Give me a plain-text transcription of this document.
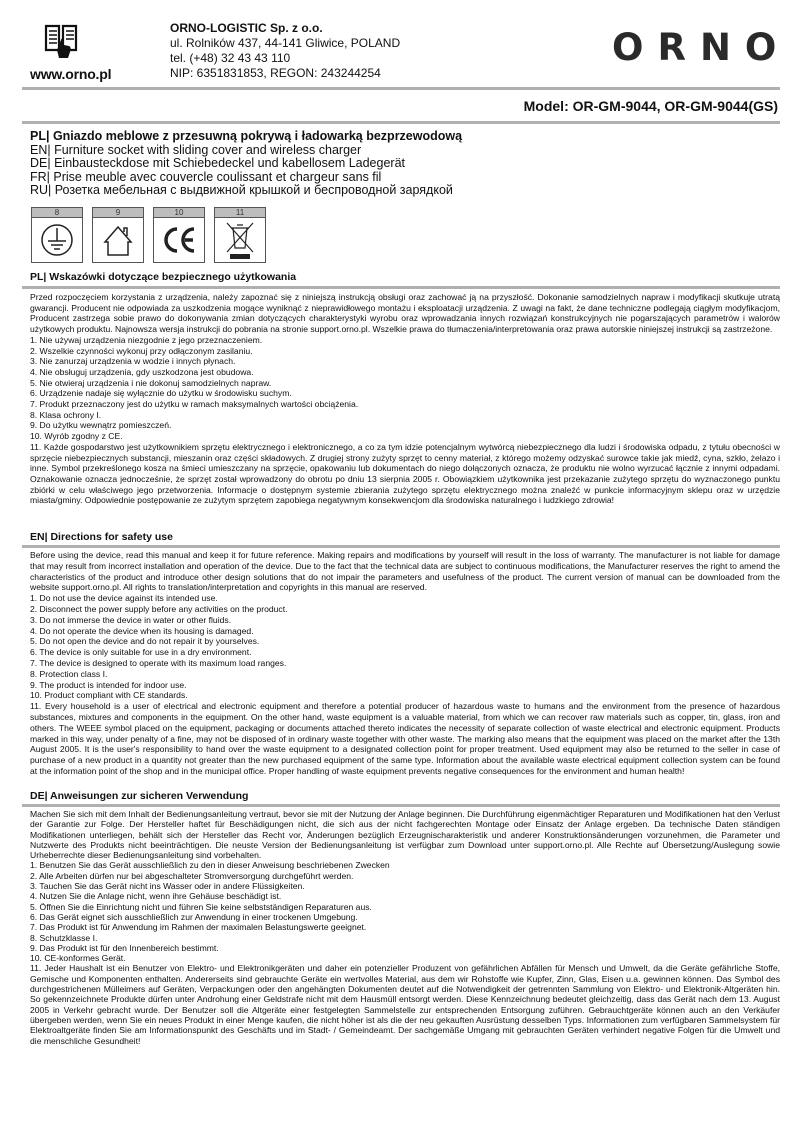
www.orno.pl
ORNO-LOGISTIC Sp. z o.o.
ul. Rolników 437, 44-141 Gliwice, POLAND
tel. (+48) 32 43 43 110
NIP: 6351831853, REGON: 243244254
ORNO
Model: OR-GM-9044, OR-GM-9044(GS)
PL| Gniazdo meblowe z przesuwną pokrywą i ładowarką bezprzewodową
EN| Furniture socket with sliding cover and wireless charger
DE| Einbausteckdose mit Schiebedeckel und kabellosem Ladegerät
FR| Prise meuble avec couvercle coulissant et chargeur sans fil
RU| Розетка мебельная с выдвижной крышкой и беспроводной зарядкой
8	9	10	11
PL| Wskazówki dotyczące bezpiecznego użytkowania

Przed rozpoczęciem korzystania z urządzenia, należy zapoznać się z niniejszą instrukcją obsługi oraz zachować ją na przyszłość. Dokonanie samodzielnych napraw i modyfikacji skutkuje utratą gwarancji. Producent nie odpowiada za uszkodzenia mogące wyniknąć z nieprawidłowego montażu i eksploatacji urządzenia. Z uwagi na fakt, że dane techniczne podlegają ciągłym modyfikacjom, Producent zastrzega sobie prawo do dokonywania zmian dotyczących charakterystyki wyrobu oraz wprowadzania innych rozwiązań konstrukcyjnych nie pogarszających parametrów i walorów użytkowych produktu. Najnowsza wersja instrukcji do pobrania na stronie support.orno.pl. Wszelkie prawa do tłumaczenia/interpretowania oraz prawa autorskie niniejszej instrukcji są zastrzeżone.

1. Nie używaj urządzenia niezgodnie z jego przeznaczeniem.

2. Wszelkie czynności wykonuj przy odłączonym zasilaniu.

3. Nie zanurzaj urządzenia w wodzie i innych płynach.

4. Nie obsługuj urządzenia, gdy uszkodzona jest obudowa.

5. Nie otwieraj urządzenia i nie dokonuj samodzielnych napraw.

6. Urządzenie nadaje się wyłącznie do użytku w środowisku suchym.

7. Produkt przeznaczony jest do użytku w ramach maksymalnych wartości obciążenia.

8. Klasa ochrony I.

9. Do użytku wewnątrz pomieszczeń.

10. Wyrób zgodny z CE.

11. Każde gospodarstwo jest użytkownikiem sprzętu elektrycznego i elektronicznego, a co za tym idzie potencjalnym wytwórcą niebezpiecznego dla ludzi i środowiska odpadu, z tytułu obecności w sprzęcie niebezpiecznych substancji, mieszanin oraz części składowych. Z drugiej strony zużyty sprzęt to cenny materiał, z którego możemy odzyskać surowce takie jak miedź, cyna, szkło, żelazo i inne. Symbol przekreślonego kosza na śmieci umieszczany na sprzęcie, opakowaniu lub dokumentach do niego dołączonych oznacza, że produktu nie wolno wyrzucać łącznie z innymi odpadami. Oznakowanie oznacza jednocześnie, że sprzęt został wprowadzony do obrotu po dniu 13 sierpnia 2005 r. Obowiązkiem użytkownika jest przekazanie zużytego sprzętu do wyznaczonego punktu zbiórki w celu właściwego jego przetworzenia. Informacje o dostępnym systemie zbierania zużytego sprzętu elektrycznego można znaleźć w punkcie informacyjnym sklepu oraz w urzędzie miasta/gminy. Odpowiednie postępowanie ze zużytym sprzętem zapobiega negatywnym konsekwencjom dla środowiska naturalnego i ludzkiego zdrowia!

EN| Directions for safety use

Before using the device, read this manual and keep it for future reference. Making repairs and modifications by yourself will result in the loss of warranty. The manufacturer is not liable for damage that may result from incorrect installation and operation of the device. Due to the fact that the technical data are subject to continuous modifications, the Manufacturer reserves the right to amend the characteristics of the product and introduce other design solutions that do not impair the parameters and usefulness of the product. The current version of manual can be downloaded from the website support.orno.pl. All rights to translation/interpretation and copyrights in this manual are reserved.

1. Do not use the device against its intended use.

2. Disconnect the power supply before any activities on the product.

3. Do not immerse the device in water or other fluids.

4. Do not operate the device when its housing is damaged.

5. Do not open the device and do not repair it by yourselves.

6. The device is only suitable for use in a dry environment.

7. The device is designed to operate with its maximum load ranges.

8. Protection class I.

9. The product is intended for indoor use.

10. Product compliant with CE standards.

11. Every household is a user of electrical and electronic equipment and therefore a potential producer of hazardous waste to humans and the environment from the presence of hazardous substances, mixtures and components in the equipment. On the other hand, waste equipment is a valuable material, from which we can recover raw materials such as copper, tin, glass, iron and others. The WEEE symbol placed on the equipment, packaging or documents attached thereto indicates the necessity of separate collection of waste electrical and electronic equipment. Products marked in this way, under penalty of a fine, may not be disposed of in ordinary waste together with other waste. The marking also means that the equipment was placed on the market after the 13th August 2005. It is the user's responsibility to hand over the waste equipment to a designated collection point for proper treatment. Used equipment may also be returned to the seller in case of purchase of a new product in a quantity not greater than the new purchased equipment of the same type. Information about the available waste electrical equipment collection system can be found at the information point of the shop and in the municipal office. Proper handling of waste equipment prevents negative consequences for the environment and human health!

DE| Anweisungen zur sicheren Verwendung

Machen Sie sich mit dem Inhalt der Bedienungsanleitung vertraut, bevor sie mit der Nutzung der Anlage beginnen. Die Durchführung eigenmächtiger Reparaturen und Modifikationen hat den Verlust der Garantie zur Folge. Der Hersteller haftet für Beschädigungen nicht, die sich aus der nicht fachgerechten Montage oder Einsatz der Anlage ergeben. Da technische Daten ständigen Modifikationen unterliegen, behält sich der Hersteller das Recht vor, Änderungen bezüglich Erzeugnischarakteristik und anderer Konstruktionsänderungen vorzunehmen, die Parameter und Nutzwerte des Produkts nicht beeinträchtigen. Die neuste Version der Bedienungsanleitung ist verfügbar zum Download unter support.orno.pl. Alle Rechte auf Übersetzung/Auslegung sowie Urheberrechte dieser Bedienungsanleitung sind vorbehalten.

1. Benutzen Sie das Gerät ausschließlich zu den in dieser Anweisung beschriebenen Zwecken

2. Alle Arbeiten dürfen nur bei abgeschalteter Stromversorgung durchgeführt werden.

3. Tauchen Sie das Gerät nicht ins Wasser oder in andere Flüssigkeiten.

4. Nutzen Sie die Anlage nicht, wenn ihre Gehäuse beschädigt ist.

5. Öffnen Sie die Einrichtung nicht und führen Sie keine selbstständigen Reparaturen aus.

6. Das Gerät eignet sich ausschließlich zur Anwendung in einer trockenen Umgebung.

7. Das Produkt ist für Anwendung im Rahmen der maximalen Belastungswerte geeignet.

8. Schutzklasse I.

9. Das Produkt ist für den Innenbereich bestimmt.

10. CE-konformes Gerät.

11. Jeder Haushalt ist ein Benutzer von Elektro- und Elektronikgeräten und daher ein potenzieller Produzent von gefährlichen Abfällen für Mensch und Umwelt, da die Geräte gefährliche Stoffe, Gemische und Komponenten enthalten. Andererseits sind gebrauchte Geräte ein wertvolles Material, aus dem wir Rohstoffe wie Kupfer, Zinn, Glas, Eisen u.a. gewinnen können. Das Symbol des durchgestrichenen Mülleimers auf Geräten, Verpackungen oder den angehängten Dokumenten deutet auf die Notwendigkeit der getrennten Sammlung von Elektro- und Elektronik-Altgeräten hin. So gekennzeichnete Produkte dürfen unter Androhung einer Geldstrafe nicht mit dem Hausmüll entsorgt werden. Diese Kennzeichnung bedeutet gleichzeitig, dass das Gerät nach dem 13. August 2005 in Verkehr gebracht wurde. Der Benutzer soll die Altgeräte einer festgelegten Sammelstelle zur entsprechenden Entsorgung zuführen. Gebrauchtgeräte können auch an den Verkäufer übergeben werden, wenn Sie ein neues Produkt in einer Menge kaufen, die nicht höher ist als die der neu gekauften Ausrüstung desselben Typs. Informationen zum verfügbaren Sammelsystem für Elektroaltgeräte finden Sie am Informationspunkt des Geschäfts und im Stadt- / Gemeindeamt. Der sachgemäße Umgang mit gebrauchten Geräten verhindert negative Folgen für die Umwelt und die menschliche Gesundheit!
